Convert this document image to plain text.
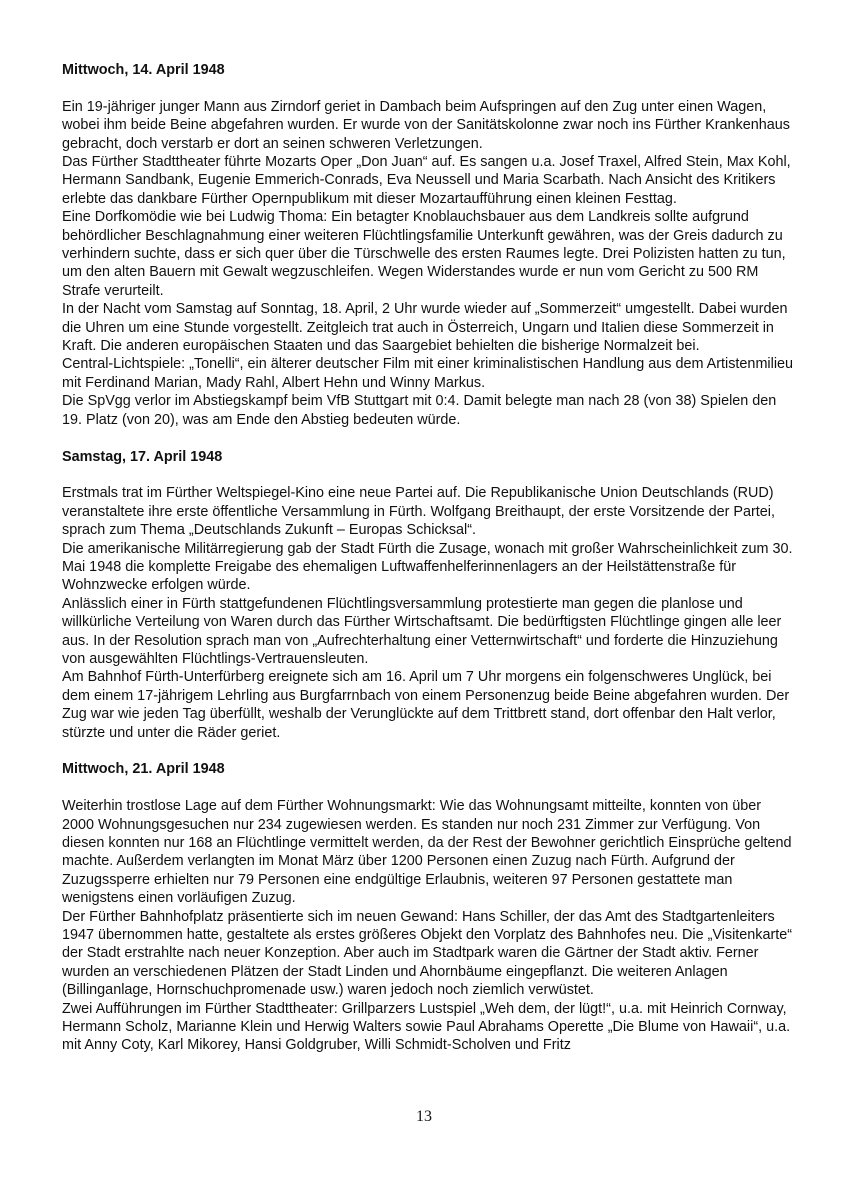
Mittwoch, 14. April 1948

Ein 19-jähriger junger Mann aus Zirndorf geriet in Dambach beim Aufspringen auf den Zug unter einen Wagen, wobei ihm beide Beine abgefahren wurden. Er wurde von der Sanitätskolonne zwar noch ins Fürther Krankenhaus gebracht, doch verstarb er dort an seinen schweren Verletzungen.

Das Fürther Stadttheater führte Mozarts Oper „Don Juan“ auf. Es sangen u.a. Josef Traxel, Alfred Stein, Max Kohl, Hermann Sandbank, Eugenie Emmerich-Conrads, Eva Neussell und Maria Scarbath. Nach Ansicht des Kritikers erlebte das dankbare Fürther Opernpublikum mit dieser Mozartaufführung einen kleinen Festtag.

Eine Dorfkomödie wie bei Ludwig Thoma: Ein betagter Knoblauchsbauer aus dem Landkreis sollte aufgrund behördlicher Beschlagnahmung einer weiteren Flüchtlingsfamilie Unterkunft gewähren, was der Greis dadurch zu verhindern suchte, dass er sich quer über die Türschwelle des ersten Raumes legte. Drei Polizisten hatten zu tun, um den alten Bauern mit Gewalt wegzuschleifen. Wegen Widerstandes wurde er nun vom Gericht zu 500 RM Strafe verurteilt.

In der Nacht vom Samstag auf Sonntag, 18. April, 2 Uhr wurde wieder auf „Sommerzeit“ umgestellt. Dabei wurden die Uhren um eine Stunde vorgestellt. Zeitgleich trat auch in Österreich, Ungarn und Italien diese Sommerzeit in Kraft. Die anderen europäischen Staaten und das Saargebiet behielten die bisherige Normalzeit bei.

Central-Lichtspiele: „Tonelli“, ein älterer deutscher Film mit einer kriminalistischen Handlung aus dem Artistenmilieu mit Ferdinand Marian, Mady Rahl, Albert Hehn und Winny Markus.

Die SpVgg verlor im Abstiegskampf beim VfB Stuttgart mit 0:4. Damit belegte man nach 28 (von 38) Spielen den 19. Platz (von 20), was am Ende den Abstieg bedeuten würde.

Samstag, 17. April 1948

Erstmals trat im Fürther Weltspiegel-Kino eine neue Partei auf. Die Republikanische Union Deutschlands (RUD) veranstaltete ihre erste öffentliche Versammlung in Fürth. Wolfgang Breithaupt, der erste Vorsitzende der Partei, sprach zum Thema „Deutschlands Zukunft – Europas Schicksal“.

Die amerikanische Militärregierung gab der Stadt Fürth die Zusage, wonach mit großer Wahrscheinlichkeit zum 30. Mai 1948 die komplette Freigabe des ehemaligen Luftwaffenhelferinnenlagers an der Heilstättenstraße für Wohnzwecke erfolgen würde.

Anlässlich einer in Fürth stattgefundenen Flüchtlingsversammlung protestierte man gegen die planlose und willkürliche Verteilung von Waren durch das Fürther Wirtschaftsamt. Die bedürftigsten Flüchtlinge gingen alle leer aus. In der Resolution sprach man von „Aufrechterhaltung einer Vetternwirtschaft“ und forderte die Hinzuziehung von ausgewählten Flüchtlings-Vertrauensleuten.

Am Bahnhof Fürth-Unterfürberg ereignete sich am 16. April um 7 Uhr morgens ein folgenschweres Unglück, bei dem einem 17-jährigem Lehrling aus Burgfarrnbach von einem Personenzug beide Beine abgefahren wurden. Der Zug war wie jeden Tag überfüllt, weshalb der Verunglückte auf dem Trittbrett stand, dort offenbar den Halt verlor, stürzte und unter die Räder geriet.

Mittwoch, 21. April 1948

Weiterhin trostlose Lage auf dem Fürther Wohnungsmarkt: Wie das Wohnungsamt mitteilte, konnten von über 2000 Wohnungsgesuchen nur 234 zugewiesen werden. Es standen nur noch 231 Zimmer zur Verfügung. Von diesen konnten nur 168 an Flüchtlinge vermittelt werden, da der Rest der Bewohner gerichtlich Einsprüche geltend machte. Außerdem verlangten im Monat März über 1200 Personen einen Zuzug nach Fürth. Aufgrund der Zuzugssperre erhielten nur 79 Personen eine endgültige Erlaubnis, weiteren 97 Personen gestattete man wenigstens einen vorläufigen Zuzug.

Der Fürther Bahnhofplatz präsentierte sich im neuen Gewand: Hans Schiller, der das Amt des Stadtgartenleiters 1947 übernommen hatte, gestaltete als erstes größeres Objekt den Vorplatz des Bahnhofes neu. Die „Visitenkarte“ der Stadt erstrahlte nach neuer Konzeption. Aber auch im Stadtpark waren die Gärtner der Stadt aktiv. Ferner wurden an verschiedenen Plätzen der Stadt Linden und Ahornbäume eingepflanzt. Die weiteren Anlagen (Billinganlage, Hornschuchpromenade usw.) waren jedoch noch ziemlich verwüstet.

Zwei Aufführungen im Fürther Stadttheater: Grillparzers Lustspiel „Weh dem, der lügt!“, u.a. mit Heinrich Cornway, Hermann Scholz, Marianne Klein und Herwig Walters sowie Paul Abrahams Operette „Die Blume von Hawaii“, u.a. mit Anny Coty, Karl Mikorey, Hansi Goldgruber, Willi Schmidt-Scholven und Fritz

13
